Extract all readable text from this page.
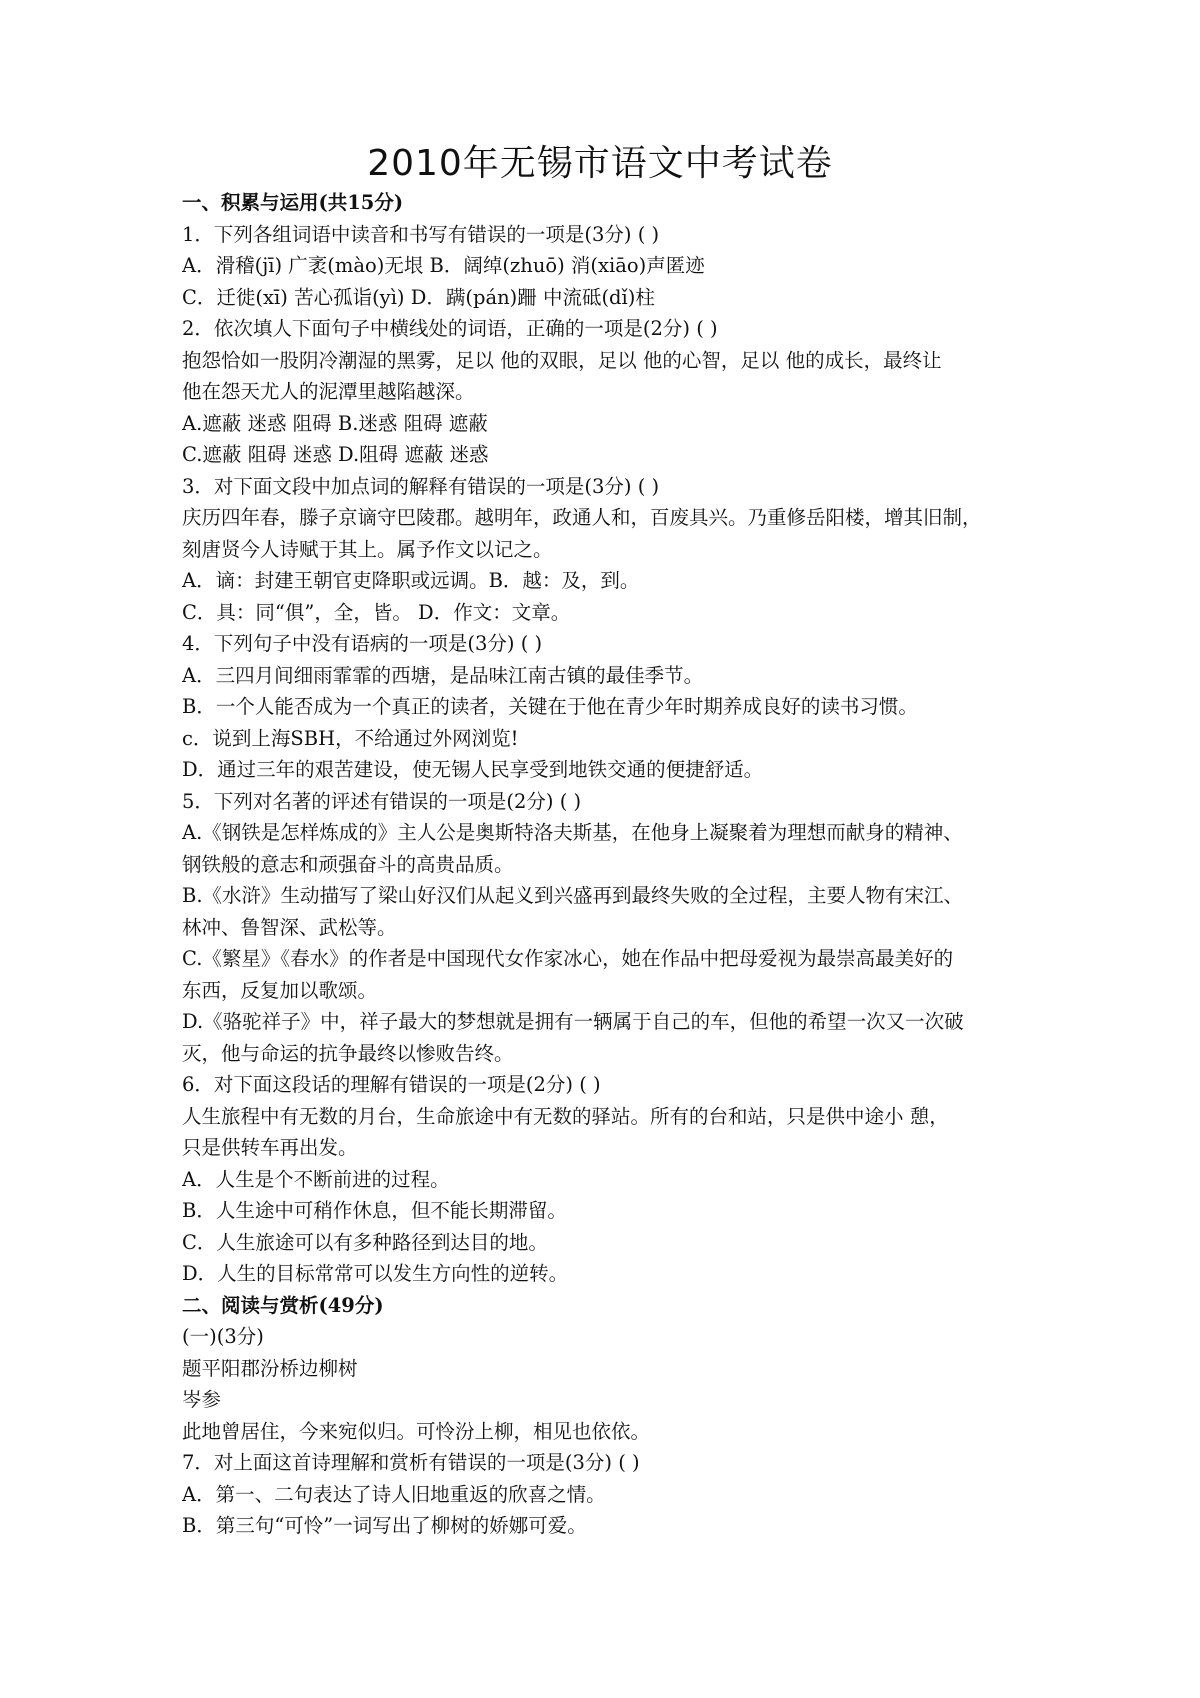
2010年无锡市语文中考试卷
一、积累与运用(共15分)
1．下列各组词语中读音和书写有错误的一项是(3分) ( )
A．滑稽(jī) 广袤(mào)无垠 B．阔绰(zhuō) 消(xiāo)声匿迹
C．迁徙(xī) 苦心孤诣(yì) D．蹒(pán)跚 中流砥(dǐ)柱
2．依次填人下面句子中横线处的词语，正确的一项是(2分) ( )
抱怨恰如一股阴冷潮湿的黑雾，足以 他的双眼，足以 他的心智，足以 他的成长，最终让
他在怨天尤人的泥潭里越陷越深。
A.遮蔽 迷惑 阻碍 B.迷惑 阻碍 遮蔽
C.遮蔽 阻碍 迷惑 D.阻碍 遮蔽 迷惑
3．对下面文段中加点词的解释有错误的一项是(3分) ( )
庆历四年春，滕子京谪守巴陵郡。越明年，政通人和，百废具兴。乃重修岳阳楼，增其旧制，
刻唐贤今人诗赋于其上。属予作文以记之。
A．谪：封建王朝官吏降职或远调。B．越：及，到。
C．具：同“俱”，全，皆。 D．作文：文章。
4．下列句子中没有语病的一项是(3分) ( )
A．三四月间细雨霏霏的西塘，是品味江南古镇的最佳季节。
B．一个人能否成为一个真正的读者，关键在于他在青少年时期养成良好的读书习惯。
c．说到上海SBH，不给通过外网浏览!
D．通过三年的艰苦建设，使无锡人民享受到地铁交通的便捷舒适。
5．下列对名著的评述有错误的一项是(2分) ( )
A.《钢铁是怎样炼成的》主人公是奥斯特洛夫斯基，在他身上凝聚着为理想而献身的精神、
钢铁般的意志和顽强奋斗的高贵品质。
B.《水浒》生动描写了梁山好汉们从起义到兴盛再到最终失败的全过程，主要人物有宋江、
林冲、鲁智深、武松等。
C.《繁星》《春水》的作者是中国现代女作家冰心，她在作品中把母爱视为最崇高最美好的
东西，反复加以歌颂。
D.《骆驼祥子》中，祥子最大的梦想就是拥有一辆属于自己的车，但他的希望一次又一次破
灭，他与命运的抗争最终以惨败告终。
6．对下面这段话的理解有错误的一项是(2分) ( )
人生旅程中有无数的月台，生命旅途中有无数的驿站。所有的台和站，只是供中途小 憩，
只是供转车再出发。
A．人生是个不断前进的过程。
B．人生途中可稍作休息，但不能长期滞留。
C．人生旅途可以有多种路径到达目的地。
D．人生的目标常常可以发生方向性的逆转。
二、阅读与赏析(49分)
(一)(3分)
题平阳郡汾桥边柳树
岑参
此地曾居住，今来宛似归。可怜汾上柳，相见也依依。
7．对上面这首诗理解和赏析有错误的一项是(3分) ( )
A．第一、二句表达了诗人旧地重返的欣喜之情。
B．第三句“可怜”一词写出了柳树的娇娜可爱。
